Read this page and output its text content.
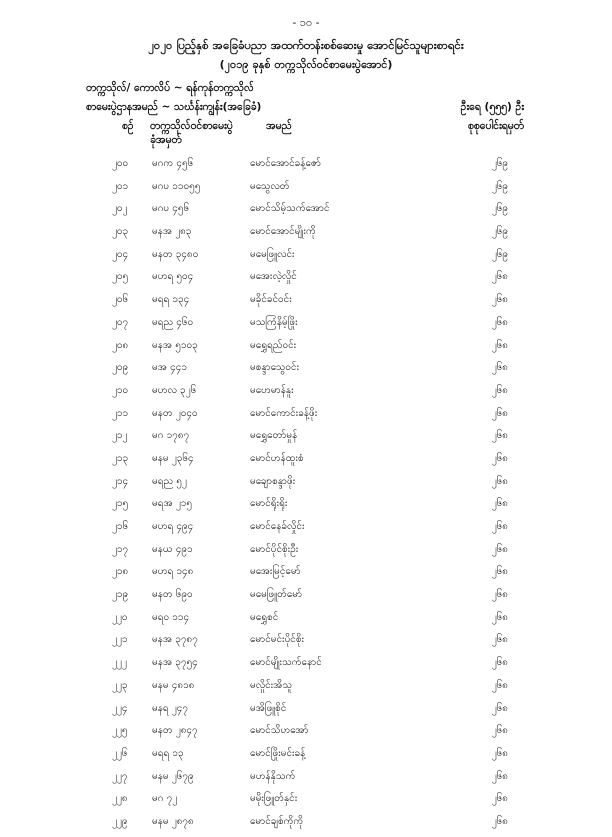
- ၁၀ -
၂၀၂၀ ပြည့်နှစ် အခြေခံပညာ အထက်တန်းစစ်ဆေးမှု အောင်မြင်သူများစာရင်း
(၂၀၁၉ ခုနှစ် တက္ကသိုလ်ဝင်စာမေးပွဲအောင်)
တက္ကသိုလ်/ ကောလိပ် ~ ရန်ကုန်တက္ကသိုလ်
စာမေးပွဲဌာနအမည် ~ သင်္ဃန်းကျွန်း(အခြေခံ)	ဦးရေ (၅၅၅) ဦး
စဉ် တက္ကသိုလ်ဝင်စာမေးပွဲ
ခုံအမှတ်
အမည်	စုစုပေါင်းရမှတ်
၂၀၀ မဂက ၄၅၆	မောင်အောင်ခန့်ဇော်	၂၆၉
၂၀၁ မဂပ ၁၁၀၅၅	မသွေလတ်	၂၆၉
၂၀၂ မဂပ ၄၅၆	မောင်သိမ့်သက်အောင်	၂၆၉
၂၀၃ မနအ ၂၈၃	မောင်အောင်မျိုးကို	၂၆၉
၂၀၄ မနတ ၃၄၈၀	မမေဖြူလင်း	၂၆၉
၂၀၅ မဟရ ၅၀၄	မအေးလဲ့လှိုင်	၂၆၈
၂၀၆ မရရ ၁၃၄	မခိုင်ခင်ဝင်း	၂၆၈
၂၀၇ မရည ၄၆၀	မသကြံနိမ့်ဖြိုး	၂၆၈
၂၀၈ မနအ ၅၁၀၃	မရွှေရည်ဝင်း	၂၆၈
၂၀၉ မအ ၄၄၁	မစန္ဒာသွေဝင်း	၂၆၈
၂၁၀ မဟလ ၃၂၆	မဟေမာန်နူး	၂၆၈
၂၁၁ မနတ ၂၀၄၀	မောင်ကောင်းခန့်ဖိုး	၂၆၈
၂၁၂ မဂ ၁၇၈၇	မရွှေတော်မှုန်	၂၆၈
၂၁၃ မနမ ၂၃၆၄	မောင်ဟန်ထူးစံ	၂၆၈
၂၁၄ မရည ၅၂	မချောစန္ဒာဖိုး	၂၆၈
၂၁၅ မရအ ၂၁၅	မောင်ရိုးရိုး	၂၆၈
၂၁၆ မဟရ ၄၉၄	မောင်နေခ်လှိုင်း	၂၆၈
၂၁၇ မနယ ၄၉၁	မောင်ပိုင်စိုးဦး	၂၆၈
၂၁၈ မဟရ ၁၄၈	မအေးမြင့်မော်	၂၆၈
၂၁၉ မနတ ၆၉၀	မမေဖြူတ်မော်	၂၆၈
၂၂၀ မရဝ ၁၁၄	မရွှေစင်	၂၆၈
၂၂၁ မနအ ၃၇၈၇	မောင်မင်းပိုင်စိုး	၂၆၈
၂၂၂	မနအ ၃၇၅၄	မောင်မျိုးသက်နောင်	၂၆၈
၂၂၃ မနမ ၄၈၁၈	မလှိုင်းအိသူ	၂၆၈
၂၂၄ မနရ ၂၄၇	မအိဖြူစိုင်	၂၆၈
၂၂၅ မနတ ၂၈၄၇	မောင်သိဟအော်	၂၆၈
၂၂၆ မရရ ၁၃	မောင်ဖြိုးမင်းခန့်	၂၆၈
၂၂၇ မနမ ၂၆၇၉	မဟန်နိုသက်	၂၆၈
၂၂၈ မဂ ၇၂	မမိုးဖြူတ်နှင်း	၂၆၈
၂၂၉ မနမ ၂၈၇၈	မောင်ချစ်ကိုကို	၂၆၈
